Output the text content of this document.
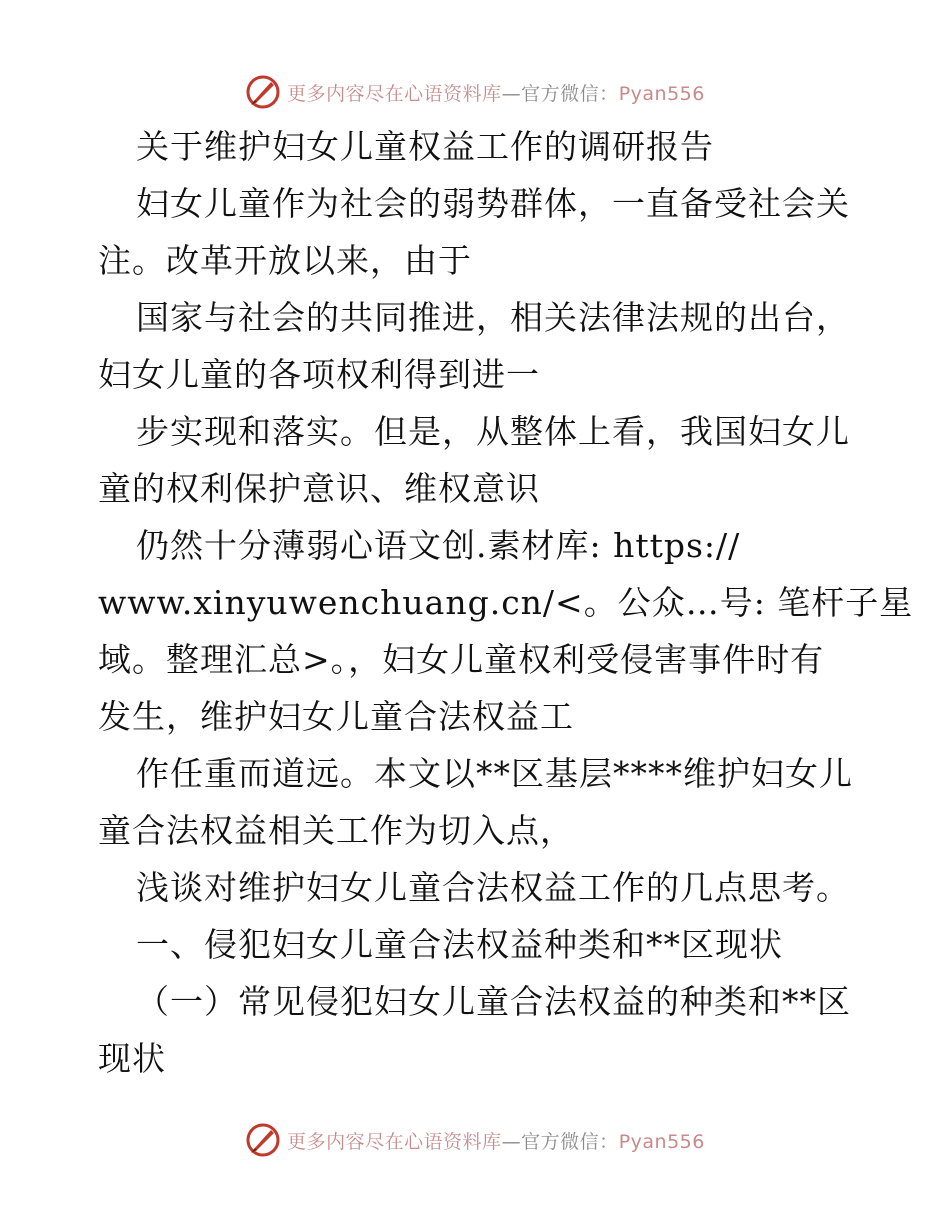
更多内容尽在心语资料库—官方微信：Pyan556
关于维护妇女儿童权益工作的调研报告
妇女儿童作为社会的弱势群体，一直备受社会关
注。改革开放以来，由于
国家与社会的共同推进，相关法律法规的出台，
妇女儿童的各项权利得到进一
步实现和落实。但是，从整体上看，我国妇女儿
童的权利保护意识、维权意识
仍然十分薄弱心语文创.素材库: https://
www.xinyuwenchuang.cn/<。公众…号: 笔杆子星
域。整理汇总>。，妇女儿童权利受侵害事件时有
发生，维护妇女儿童合法权益工
作任重而道远。本文以**区基层****维护妇女儿
童合法权益相关工作为切入点，
浅谈对维护妇女儿童合法权益工作的几点思考。
一、侵犯妇女儿童合法权益种类和**区现状
（一）常见侵犯妇女儿童合法权益的种类和**区
现状
更多内容尽在心语资料库—官方微信：Pyan556
